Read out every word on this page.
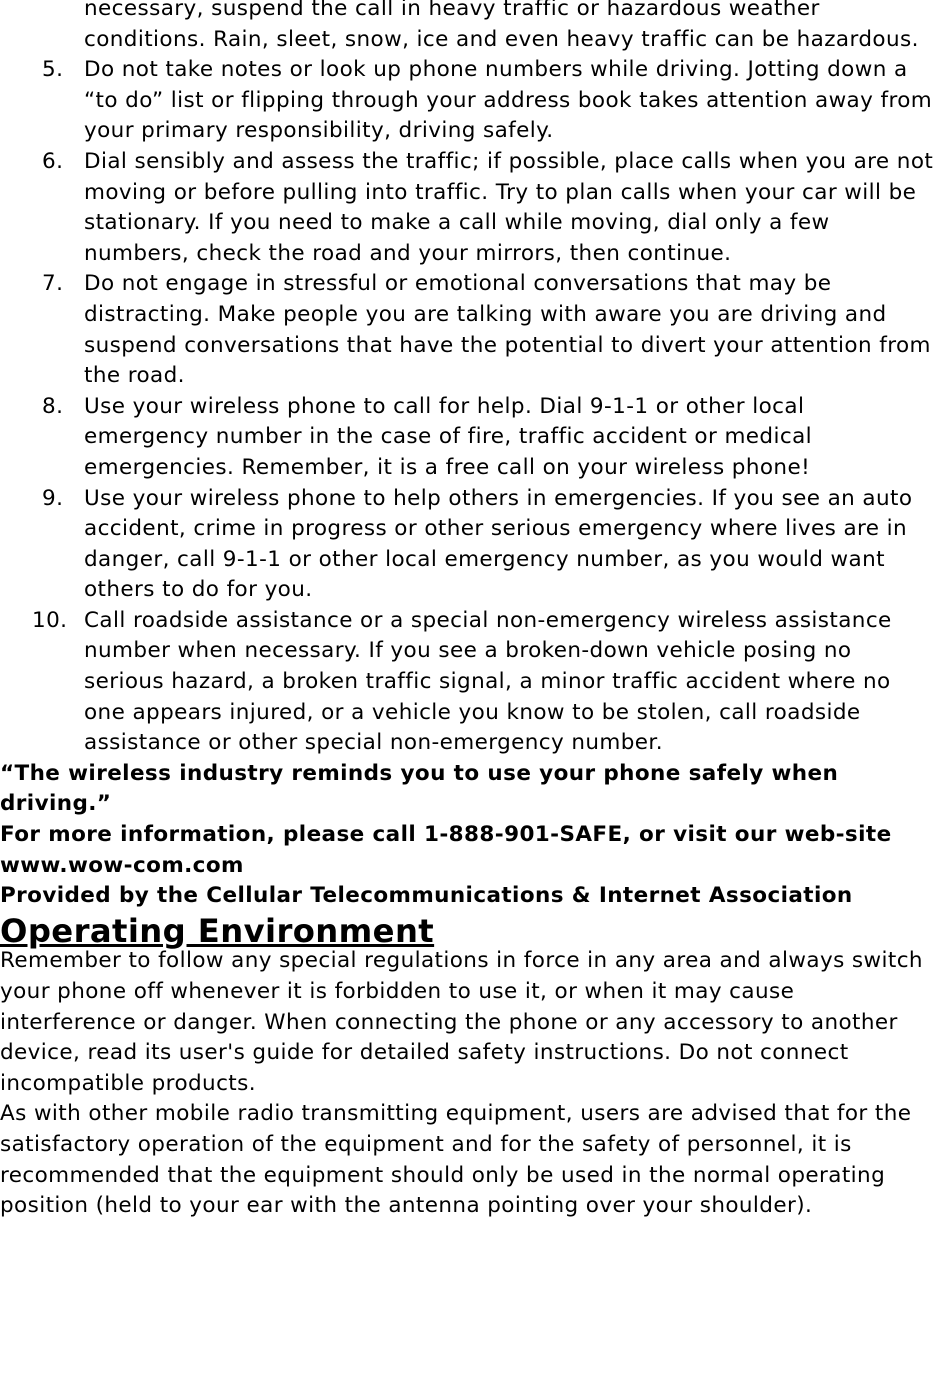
necessary, suspend the call in heavy traffic or hazardous weather conditions. Rain, sleet, snow, ice and even heavy traffic can be hazardous.
5. Do not take notes or look up phone numbers while driving. Jotting down a “to do” list or flipping through your address book takes attention away from your primary responsibility, driving safely.
6. Dial sensibly and assess the traffic; if possible, place calls when you are not moving or before pulling into traffic. Try to plan calls when your car will be stationary. If you need to make a call while moving, dial only a few numbers, check the road and your mirrors, then continue.
7. Do not engage in stressful or emotional conversations that may be distracting. Make people you are talking with aware you are driving and suspend conversations that have the potential to divert your attention from the road.
8. Use your wireless phone to call for help. Dial 9-1-1 or other local emergency number in the case of fire, traffic accident or medical emergencies. Remember, it is a free call on your wireless phone!
9. Use your wireless phone to help others in emergencies. If you see an auto accident, crime in progress or other serious emergency where lives are in danger, call 9-1-1 or other local emergency number, as you would want others to do for you.
10. Call roadside assistance or a special non-emergency wireless assistance number when necessary. If you see a broken-down vehicle posing no serious hazard, a broken traffic signal, a minor traffic accident where no one appears injured, or a vehicle you know to be stolen, call roadside assistance or other special non-emergency number.

“The wireless industry reminds you to use your phone safely when driving.”

For more information, please call 1-888-901-SAFE, or visit our web-site www.wow-com.com

Provided by the Cellular Telecommunications & Internet Association

Operating Environment

Remember to follow any special regulations in force in any area and always switch your phone off whenever it is forbidden to use it, or when it may cause interference or danger. When connecting the phone or any accessory to another device, read its user's guide for detailed safety instructions. Do not connect incompatible products.

As with other mobile radio transmitting equipment, users are advised that for the satisfactory operation of the equipment and for the safety of personnel, it is recommended that the equipment should only be used in the normal operating position (held to your ear with the antenna pointing over your shoulder).
